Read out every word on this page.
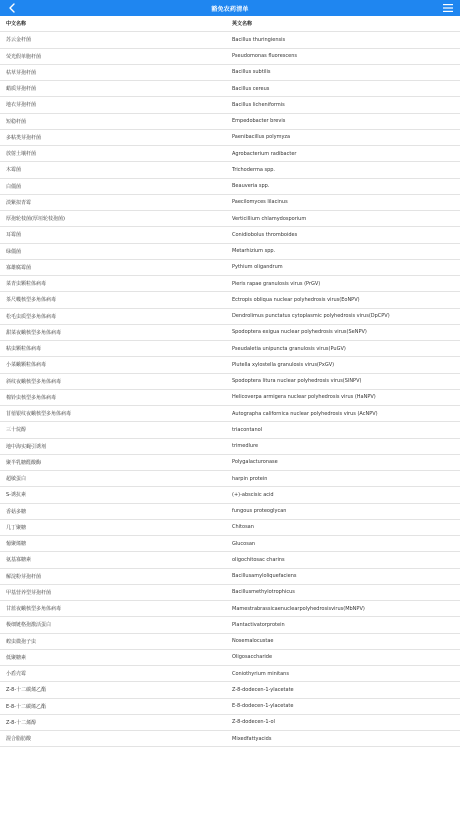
豁免农药清单
中文名称	英文名称
苏云金杆菌	Bacillus thuringiensis
荧光假单胞杆菌	Pseudomonas fluorescens
枯草芽孢杆菌	Bacillus subtilis
蜡质芽孢杆菌	Bacillus cereus
地衣芽孢杆菌	Bacillus licheniformis
短稳杆菌	Empedobacter brevis
多粘类芽孢杆菌	Paenibacillus polymyza
放射土壤杆菌	Agrobacterium radibacter
木霉菌	Trichoderma spp.
白僵菌	Beauveria spp.
淡紫拟青霉	Paecilomyces lilacinus
厚孢轮枝菌(厚垣轮枝孢菌)	Verticillium chlamydosporium
耳霉菌	Conidiobolus thromboides
绿僵菌	Metarhizium spp.
寡雄腐霉菌	Pythium oligandrum
菜青虫颗粒体病毒	Pieris rapae granulosis virus (PrGV)
茶尺蠖核型多角体病毒	Ectropis obliqua nuclear polyhedrosis virus(EoNPV)
松毛虫质型多角体病毒	Dendrolimus punctatus cytoplasmic polyhedrosis virus(DpCPV)
甜菜夜蛾核型多角体病毒	Spodoptera exigua nuclear polyhedrosis virus(SeNPV)
粘虫颗粒体病毒	Pseudaletia unipuncta granulosis virus(PuGV)
小菜蛾颗粒体病毒	Plutella xylostella granulosis virus(PxGV)
斜纹夜蛾核型多角体病毒	Spodoptera litura nuclear polyhedrosis virus(SlNPV)
棉铃虫核型多角体病毒	Helicoverpa armigera nuclear polyhedrosis virus (HaNPV)
苜蓿银纹夜蛾核型多角体病毒	Autographa californica nuclear polyhedrosis virus (AcNPV)
三十烷醇	triacontanol
地中海实蝇引诱剂	trimedlure
聚半乳糖醛酸酶	Polygalacturonase
超敏蛋白	harpin protein
S-诱抗素	(+)-abscisic acid
香菇多糖	fungous proteoglycan
几丁聚糖	Chitosan
葡聚烯糖	Glucosan
氨基寡糖素	oligochitosac charins
解淀粉芽孢杆菌	Bacillusamyloliquefaciens
甲基营养型芽孢杆菌	Bacillusmethylotrophicus
甘蓝夜蛾核型多角体病毒	Mamestrabrassicaenuclearpolyhedrosisvirus(MbNPV)
极细链格孢激活蛋白	Plantactivatorprotein
蝗虫微孢子虫	Nosemalocustae
低聚糖素	Oligosaccharide
小盾壳霉	Coniothyrium minitans
Z-8-十二碳烯乙酯	Z-8-dodecen-1-ylacetate
E-8-十二碳烯乙酯	E-8-dodecen-1-ylacetate
Z-8-十二烯醇	Z-8-dodecen-1-ol
混合脂肪酸	Mixedfattyacids
